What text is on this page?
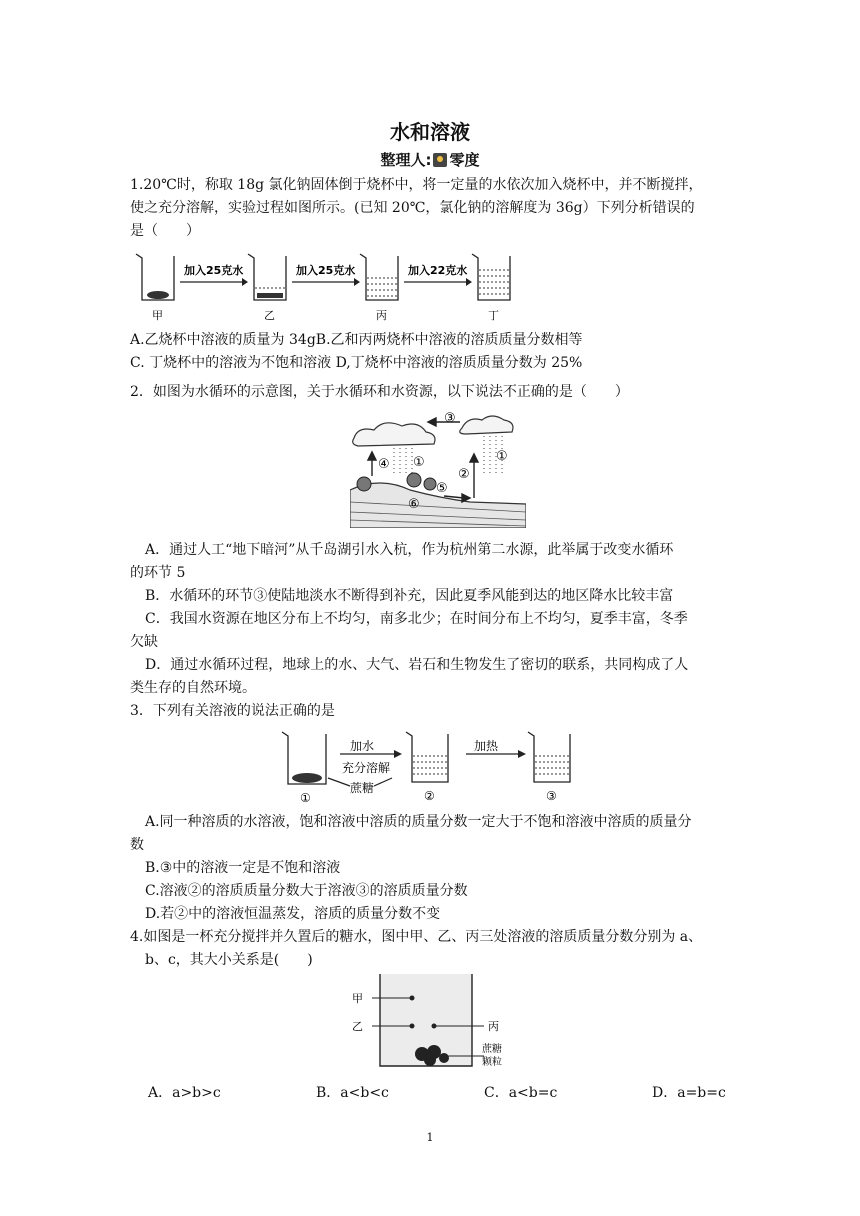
水和溶液
整理人: 零度
1.20℃时，称取 18g 氯化钠固体倒于烧杯中，将一定量的水依次加入烧杯中，并不断搅拌，
使之充分溶解，实验过程如图所示。(已知 20℃，氯化钠的溶解度为 36g）下列分析错误的
是（　　）
加入25克水	加入25克水	加入22克水
甲	乙	丙	丁
A.乙烧杯中溶液的质量为 34gB.乙和丙两烧杯中溶液的溶质质量分数相等
C. 丁烧杯中的溶液为不饱和溶液 D,丁烧杯中溶液的溶质质量分数为 25%
2．如图为水循环的示意图，关于水循环和水资源，以下说法不正确的是（　　）
①
①
②
③
④
⑤
⑥
A．通过人工“地下暗河”从千岛湖引水入杭，作为杭州第二水源，此举属于改变水循环
的环节 5
B．水循环的环节③使陆地淡水不断得到补充，因此夏季风能到达的地区降水比较丰富
C．我国水资源在地区分布上不均匀，南多北少；在时间分布上不均匀，夏季丰富，冬季
欠缺
D．通过水循环过程，地球上的水、大气、岩石和生物发生了密切的联系，共同构成了人
类生存的自然环境。
3．下列有关溶液的说法正确的是
加水
充分溶解
蔗糖
加热
①	②	③
A.同一种溶质的水溶液，饱和溶液中溶质的质量分数一定大于不饱和溶液中溶质的质量分
数
B.③中的溶液一定是不饱和溶液
C.溶液②的溶质质量分数大于溶液③的溶质质量分数
D.若②中的溶液恒温蒸发，溶质的质量分数不变
4.如图是一杯充分搅拌并久置后的糖水，图中甲、乙、丙三处溶液的溶质质量分数分别为 a、
b、c，其大小关系是(　　)
甲
乙	丙
蔗糖
颗粒
A．a>b>c	B．a<b<c	C．a<b=c	D．a=b=c
1
